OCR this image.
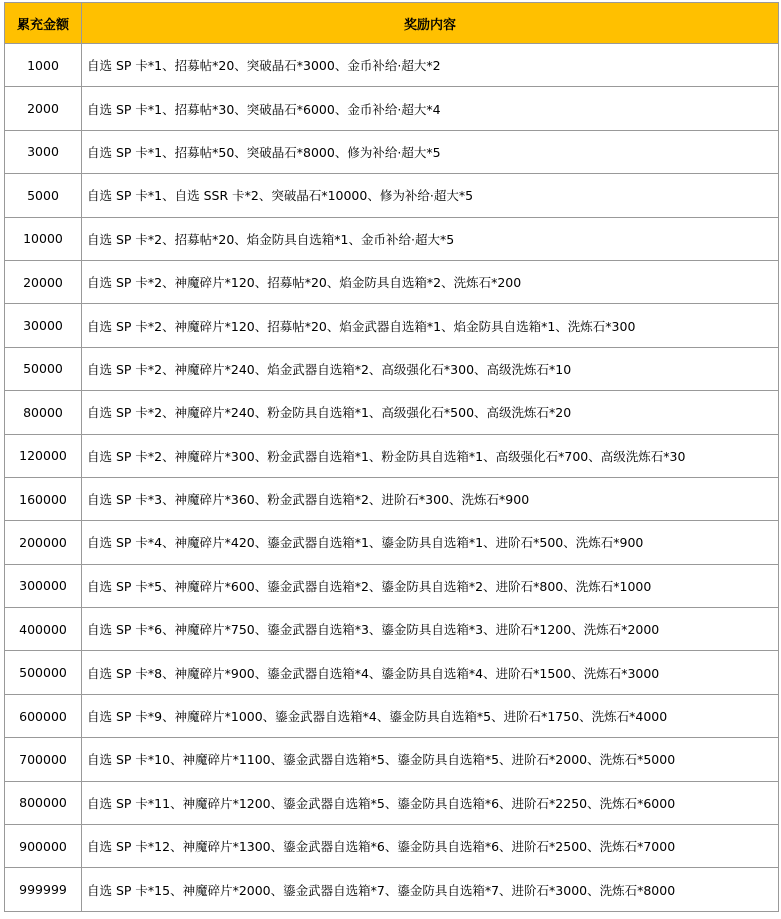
累充金额	奖励内容
1000	自选 SP 卡*1、招募帖*20、突破晶石*3000、金币补给·超大*2
2000	自选 SP 卡*1、招募帖*30、突破晶石*6000、金币补给·超大*4
3000	自选 SP 卡*1、招募帖*50、突破晶石*8000、修为补给·超大*5
5000	自选 SP 卡*1、自选 SSR 卡*2、突破晶石*10000、修为补给·超大*5
10000	自选 SP 卡*2、招募帖*20、焰金防具自选箱*1、金币补给·超大*5
20000	自选 SP 卡*2、神魔碎片*120、招募帖*20、焰金防具自选箱*2、洗炼石*200
30000	自选 SP 卡*2、神魔碎片*120、招募帖*20、焰金武器自选箱*1、焰金防具自选箱*1、洗炼石*300
50000	自选 SP 卡*2、神魔碎片*240、焰金武器自选箱*2、高级强化石*300、高级洗炼石*10
80000	自选 SP 卡*2、神魔碎片*240、粉金防具自选箱*1、高级强化石*500、高级洗炼石*20
120000	自选 SP 卡*2、神魔碎片*300、粉金武器自选箱*1、粉金防具自选箱*1、高级强化石*700、高级洗炼石*30
160000	自选 SP 卡*3、神魔碎片*360、粉金武器自选箱*2、进阶石*300、洗炼石*900
200000	自选 SP 卡*4、神魔碎片*420、鎏金武器自选箱*1、鎏金防具自选箱*1、进阶石*500、洗炼石*900
300000	自选 SP 卡*5、神魔碎片*600、鎏金武器自选箱*2、鎏金防具自选箱*2、进阶石*800、洗炼石*1000
400000	自选 SP 卡*6、神魔碎片*750、鎏金武器自选箱*3、鎏金防具自选箱*3、进阶石*1200、洗炼石*2000
500000	自选 SP 卡*8、神魔碎片*900、鎏金武器自选箱*4、鎏金防具自选箱*4、进阶石*1500、洗炼石*3000
600000	自选 SP 卡*9、神魔碎片*1000、鎏金武器自选箱*4、鎏金防具自选箱*5、进阶石*1750、洗炼石*4000
700000	自选 SP 卡*10、神魔碎片*1100、鎏金武器自选箱*5、鎏金防具自选箱*5、进阶石*2000、洗炼石*5000
800000	自选 SP 卡*11、神魔碎片*1200、鎏金武器自选箱*5、鎏金防具自选箱*6、进阶石*2250、洗炼石*6000
900000	自选 SP 卡*12、神魔碎片*1300、鎏金武器自选箱*6、鎏金防具自选箱*6、进阶石*2500、洗炼石*7000
999999	自选 SP 卡*15、神魔碎片*2000、鎏金武器自选箱*7、鎏金防具自选箱*7、进阶石*3000、洗炼石*8000
